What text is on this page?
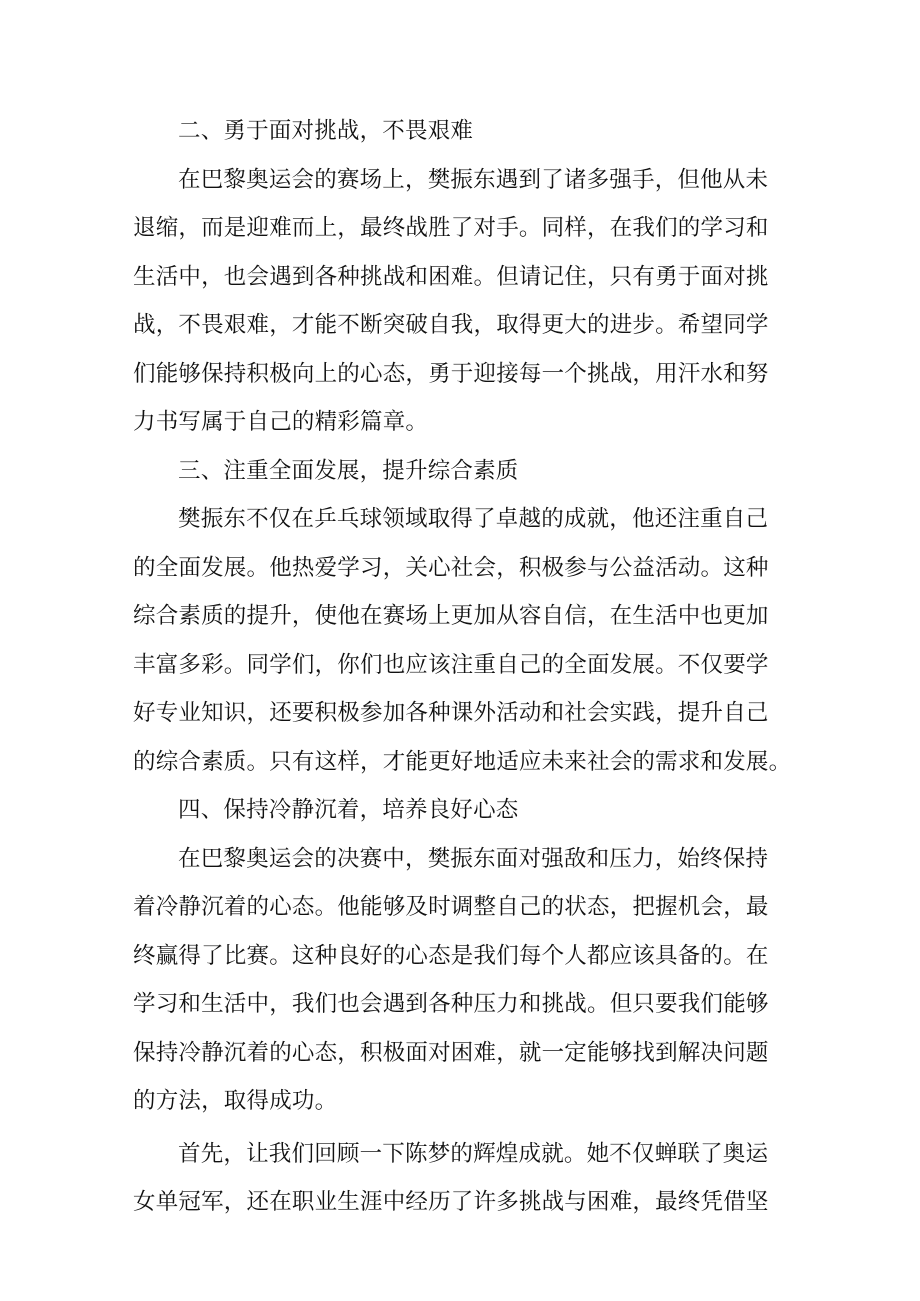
二、勇于面对挑战，不畏艰难
在巴黎奥运会的赛场上，樊振东遇到了诸多强手，但他从未
退缩，而是迎难而上，最终战胜了对手。同样，在我们的学习和
生活中，也会遇到各种挑战和困难。但请记住，只有勇于面对挑
战，不畏艰难，才能不断突破自我，取得更大的进步。希望同学
们能够保持积极向上的心态，勇于迎接每一个挑战，用汗水和努
力书写属于自己的精彩篇章。
三、注重全面发展，提升综合素质
樊振东不仅在乒乓球领域取得了卓越的成就，他还注重自己
的全面发展。他热爱学习，关心社会，积极参与公益活动。这种
综合素质的提升，使他在赛场上更加从容自信，在生活中也更加
丰富多彩。同学们，你们也应该注重自己的全面发展。不仅要学
好专业知识，还要积极参加各种课外活动和社会实践，提升自己
的综合素质。只有这样，才能更好地适应未来社会的需求和发展。
四、保持冷静沉着，培养良好心态
在巴黎奥运会的决赛中，樊振东面对强敌和压力，始终保持
着冷静沉着的心态。他能够及时调整自己的状态，把握机会，最
终赢得了比赛。这种良好的心态是我们每个人都应该具备的。在
学习和生活中，我们也会遇到各种压力和挑战。但只要我们能够
保持冷静沉着的心态，积极面对困难，就一定能够找到解决问题
的方法，取得成功。
首先，让我们回顾一下陈梦的辉煌成就。她不仅蝉联了奥运
女单冠军，还在职业生涯中经历了许多挑战与困难，最终凭借坚
